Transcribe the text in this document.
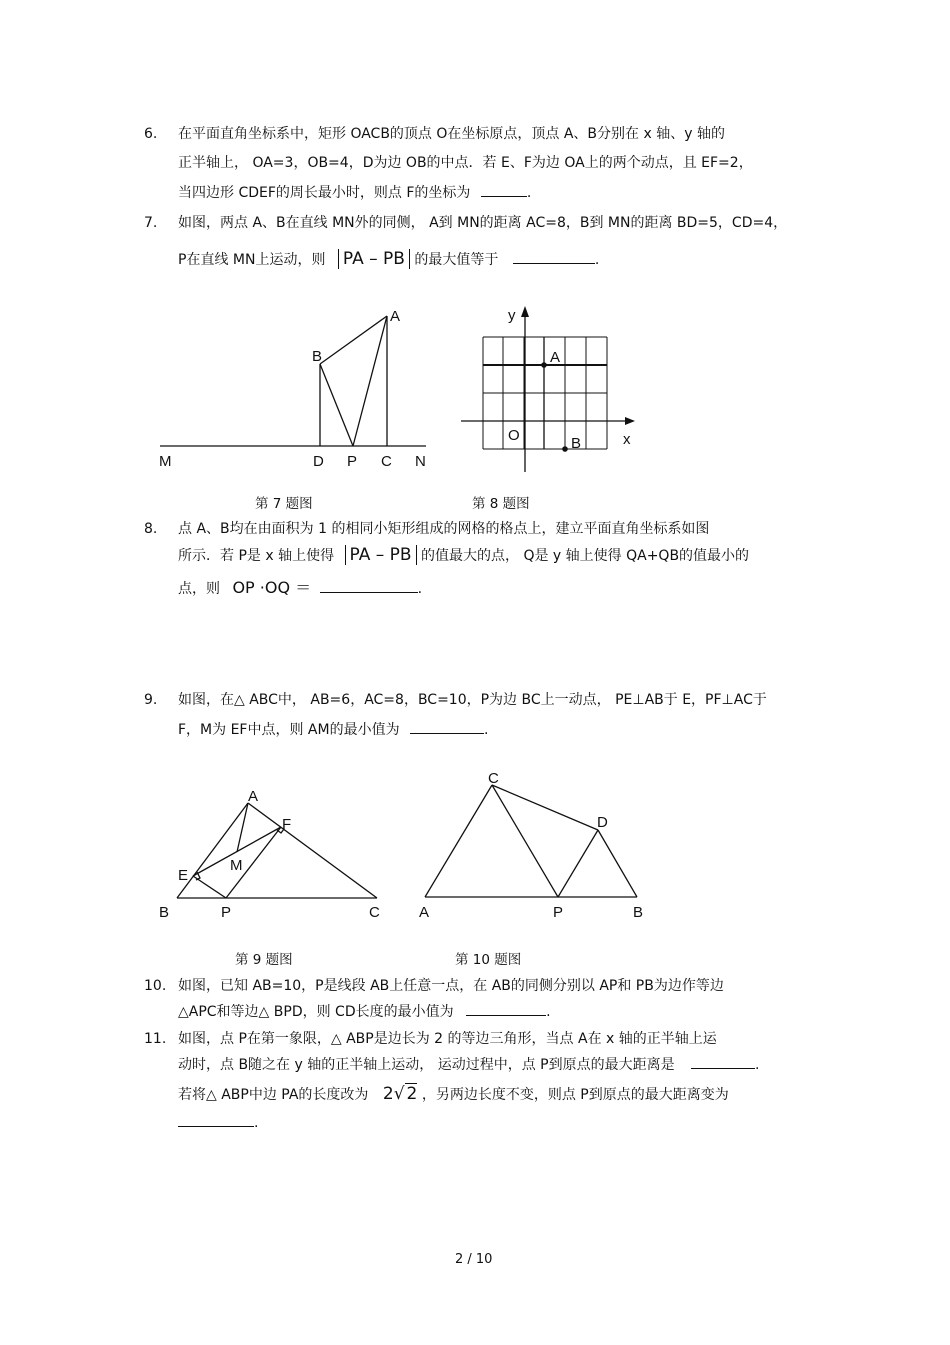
6.	在平面直角坐标系中，矩形 OACB的顶点 O在坐标原点，顶点 A、B分别在 x 轴、y 轴的
正半轴上， OA=3，OB=4，D为边 OB的中点．若 E、F为边 OA上的两个动点，且 EF=2，
当四边形 CDEF的周长最小时，则点 F的坐标为	.
7.	如图，两点 A、B在直线 MN外的同侧， A到 MN的距离 AC=8，B到 MN的距离 BD=5，CD=4，
P在直线 MN上运动，则 PA – PB 的最大值等于	.
A
B
M	D P C N
y
x
A
O	B
第 7 题图	第 8 题图
8.	点 A、B均在由面积为 1 的相同小矩形组成的网格的格点上，建立平面直角坐标系如图
所示．若 P是 x 轴上使得 PA – PB 的值最大的点， Q是 y 轴上使得 QA+QB的值最小的
点，则 OP ·OQ ＝	.
9.	如图，在△ ABC中， AB=6，AC=8，BC=10，P为边 BC上一动点， PE⊥AB于 E，PF⊥AC于
F，M为 EF中点，则 AM的最小值为	.
A
F
E
M
B	P	C
C
D
A	P	B
第 9 题图	第 10 题图
10. 如图，已知 AB=10，P是线段 AB上任意一点，在 AB的同侧分别以 AP和 PB为边作等边
△APC和等边△ BPD，则 CD长度的最小值为	.
11. 如图，点 P在第一象限，△ ABP是边长为 2 的等边三角形，当点 A在 x 轴的正半轴上运
动时，点 B随之在 y 轴的正半轴上运动， 运动过程中，点 P到原点的最大距离是	.
若将△ ABP中边 PA的长度改为 2√ 2 ，另两边长度不变，则点 P到原点的最大距离变为
.
2 / 10
